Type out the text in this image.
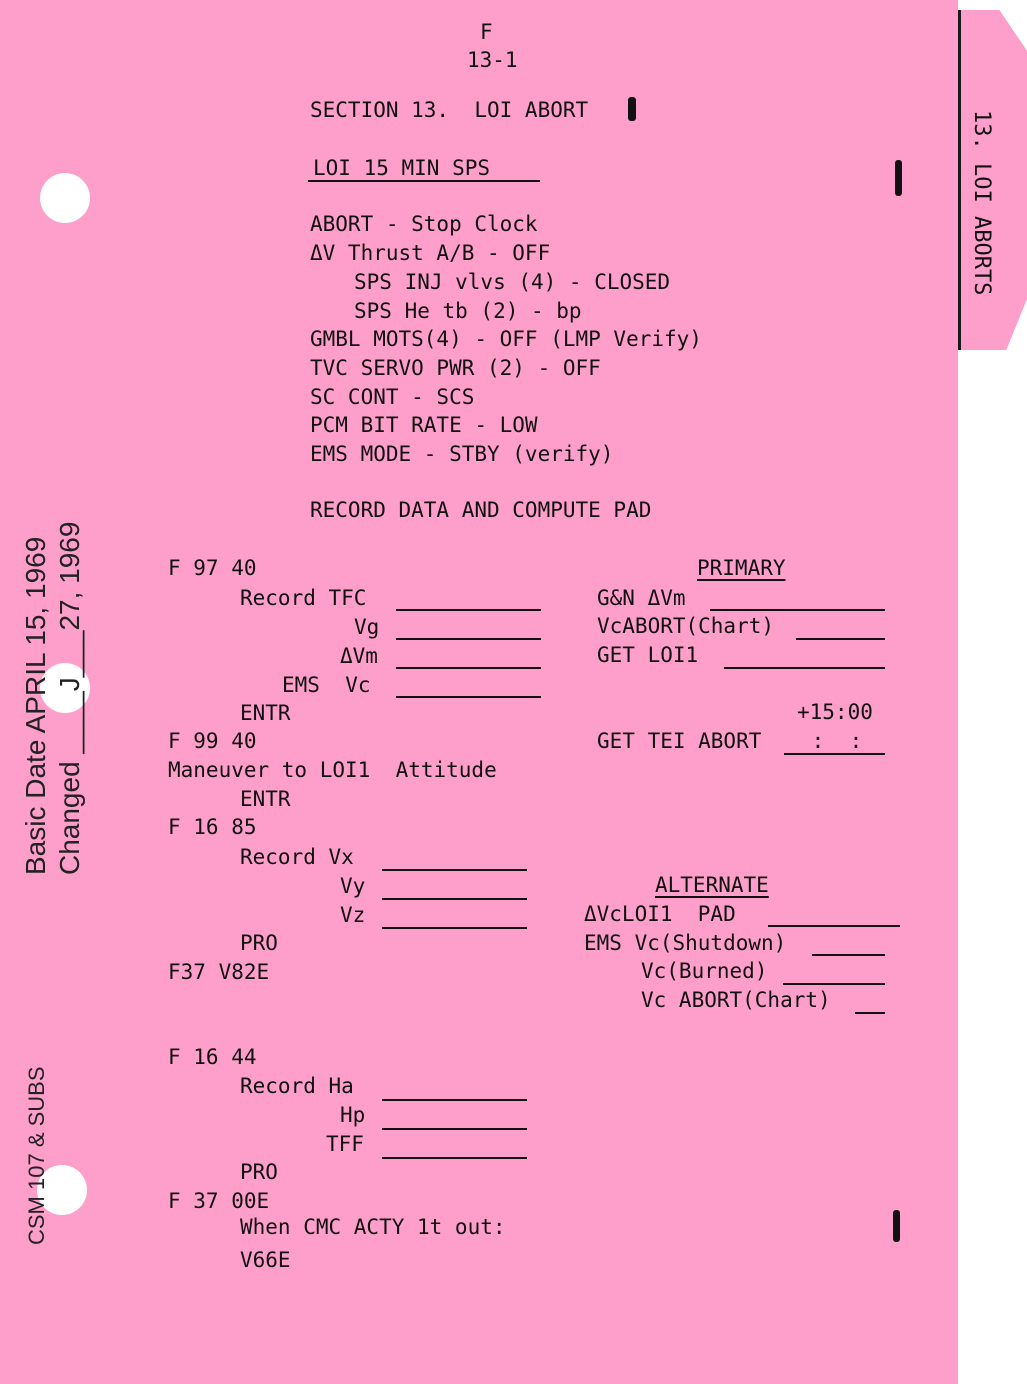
13. LOI ABORTS
F
13-1
SECTION 13.  LOI ABORT
LOI 15 MIN SPS
ABORT - Stop Clock
ΔV Thrust A/B - OFF
SPS INJ vlvs (4) - CLOSED
SPS He tb (2) - bp
GMBL MOTS(4) - OFF (LMP Verify)
TVC SERVO PWR (2) - OFF
SC CONT - SCS
PCM BIT RATE - LOW
EMS MODE - STBY (verify)
RECORD DATA AND COMPUTE PAD
F 97 40
Record TFC
Vg
ΔVm
EMS  Vc
ENTR
F 99 40
Maneuver to LOI1  Attitude
ENTR
F 16 85
Record Vx
Vy
Vz
PRO
F37 V82E
F 16 44
Record Ha
Hp
TFF
PRO
F 37 00E
When CMC ACTY 1t out:
V66E
PRIMARY
G&N ΔVm
VcABORT(Chart)
GET LOI1
+15:00
GET TEI ABORT :  :
ALTERNATE
ΔVcLOI1  PAD
EMS Vc(Shutdown)
Vc(Burned)
Vc ABORT(Chart)
Basic Date APRIL 15, 1969 Changed ____J___27, 1969
CSM 107 & SUBS
